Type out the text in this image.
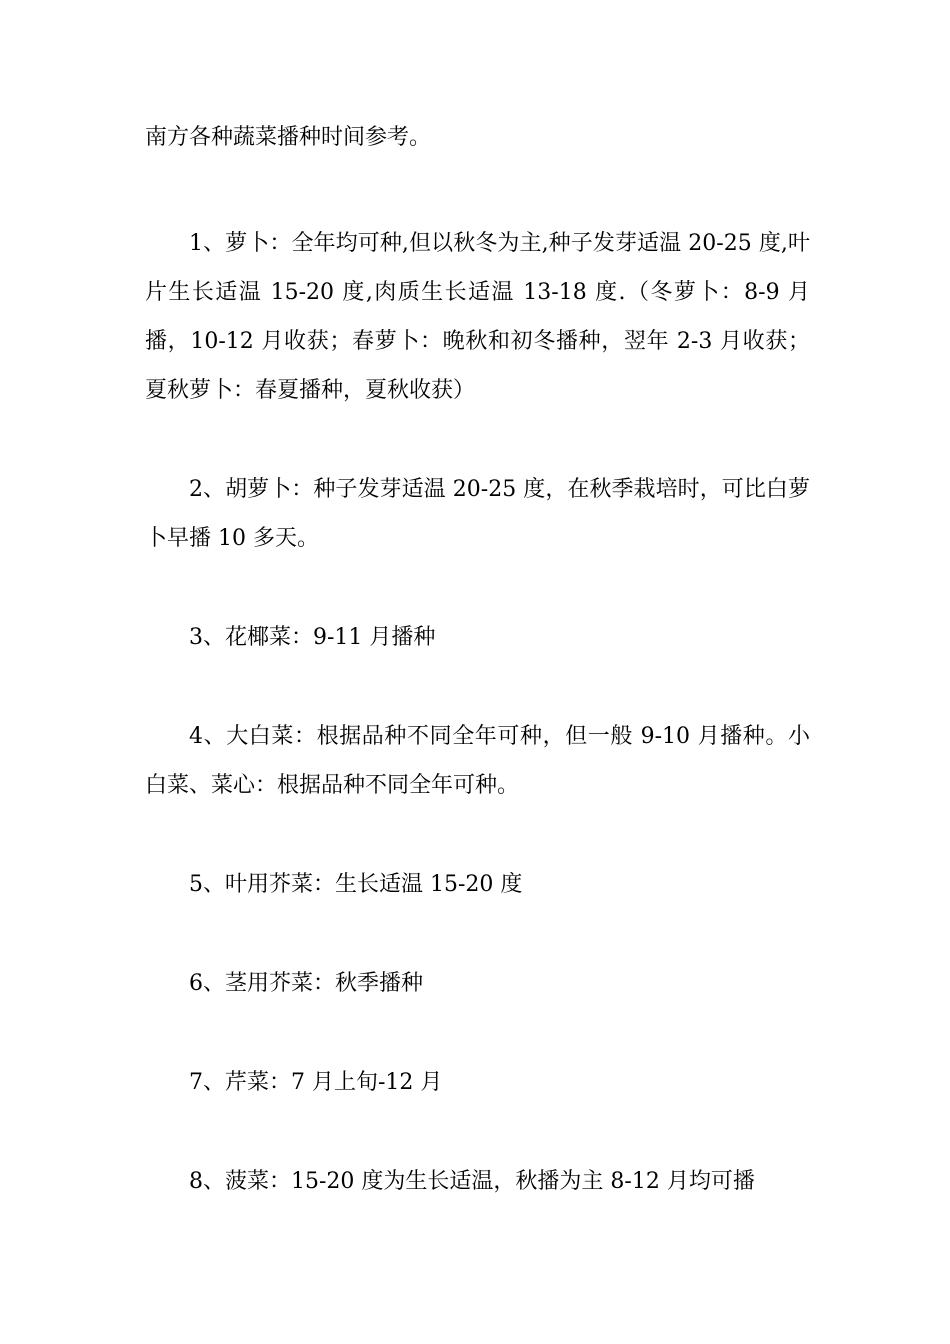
南方各种蔬菜播种时间参考。

1、萝卜：全年均可种,但以秋冬为主,种子发芽适温 20-25 度,叶片生长适温 15-20 度,肉质生长适温 13-18 度.（冬萝卜：8-9 月播，10-12 月收获；春萝卜：晚秋和初冬播种，翌年 2-3 月收获；夏秋萝卜：春夏播种，夏秋收获）

2、胡萝卜：种子发芽适温 20-25 度，在秋季栽培时，可比白萝卜早播 10 多天。

3、花椰菜：9-11 月播种

4、大白菜：根据品种不同全年可种，但一般 9-10 月播种。小白菜、菜心：根据品种不同全年可种。

5、叶用芥菜：生长适温 15-20 度

6、茎用芥菜：秋季播种

7、芹菜：7 月上旬-12 月

8、菠菜：15-20 度为生长适温，秋播为主 8-12 月均可播
